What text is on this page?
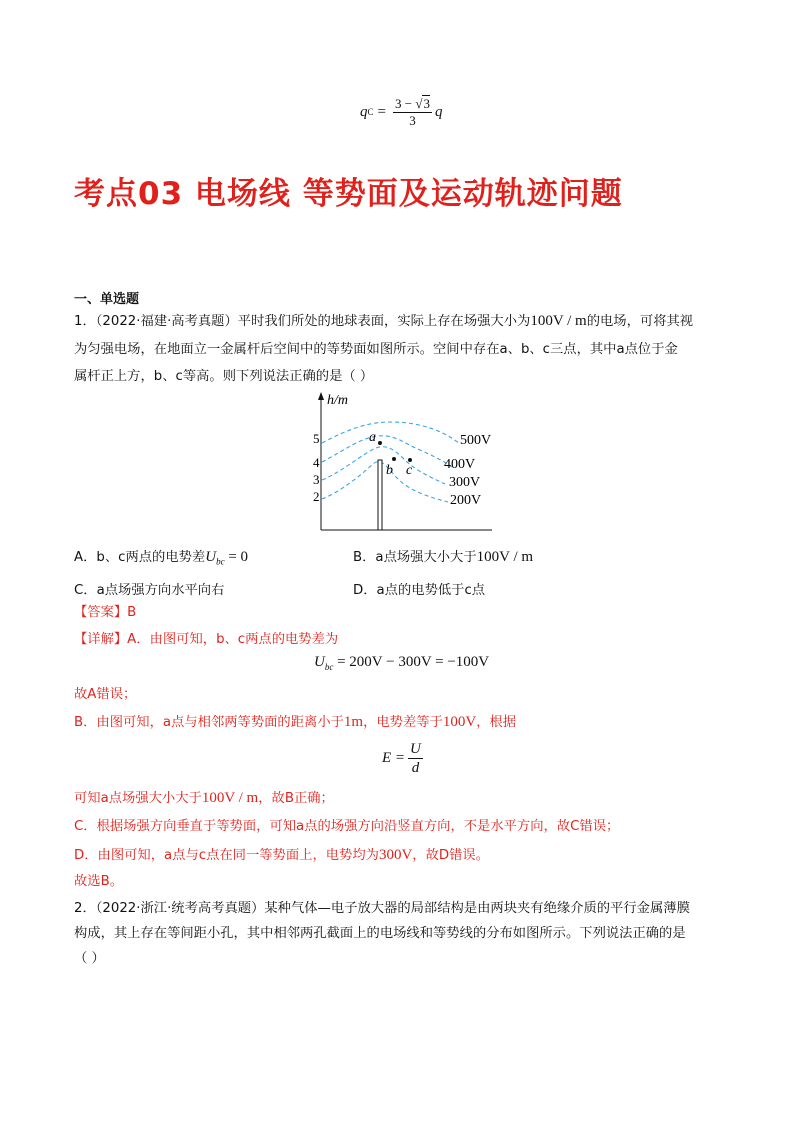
q $C = \frac{3 - √3}{3}$ q
考点03 电场线 等势面及运动轨迹问题
一、单选题
1．（2022·福建·高考真题）平时我们所处的地球表面，实际上存在场强大小为100V / m的电场，可将其视
为匀强电场，在地面立一金属杆后空间中的等势面如图所示。空间中存在a、b、c三点，其中a点位于金
属杆正上方，b、c等高。则下列说法正确的是（ ）
h/m
5
4
3
2
500V
400V
300V
200V
a
b c
A．b、c两点的电势差$U_{bc} = 0$	B．a点场强大小大于100V / m
C．a点场强方向水平向右	D．a点的电势低于c点
【答案】B
【详解】A．由图可知，b、c两点的电势差为
$U_{bc} = 200V - 300V = -100V$
故A错误；
B．由图可知，a点与相邻两等势面的距离小于1m，电势差等于100V，根据
$E = \frac{U}{d}$
可知a点场强大小大于100V / m，故B正确；
C．根据场强方向垂直于等势面，可知a点的场强方向沿竖直方向，不是水平方向，故C错误；
D．由图可知，a点与c点在同一等势面上，电势均为300V，故D错误。
故选B。
2．（2022·浙江·统考高考真题）某种气体—电子放大器的局部结构是由两块夹有绝缘介质的平行金属薄膜
构成，其上存在等间距小孔，其中相邻两孔截面上的电场线和等势线的分布如图所示。下列说法正确的是
（ ）
